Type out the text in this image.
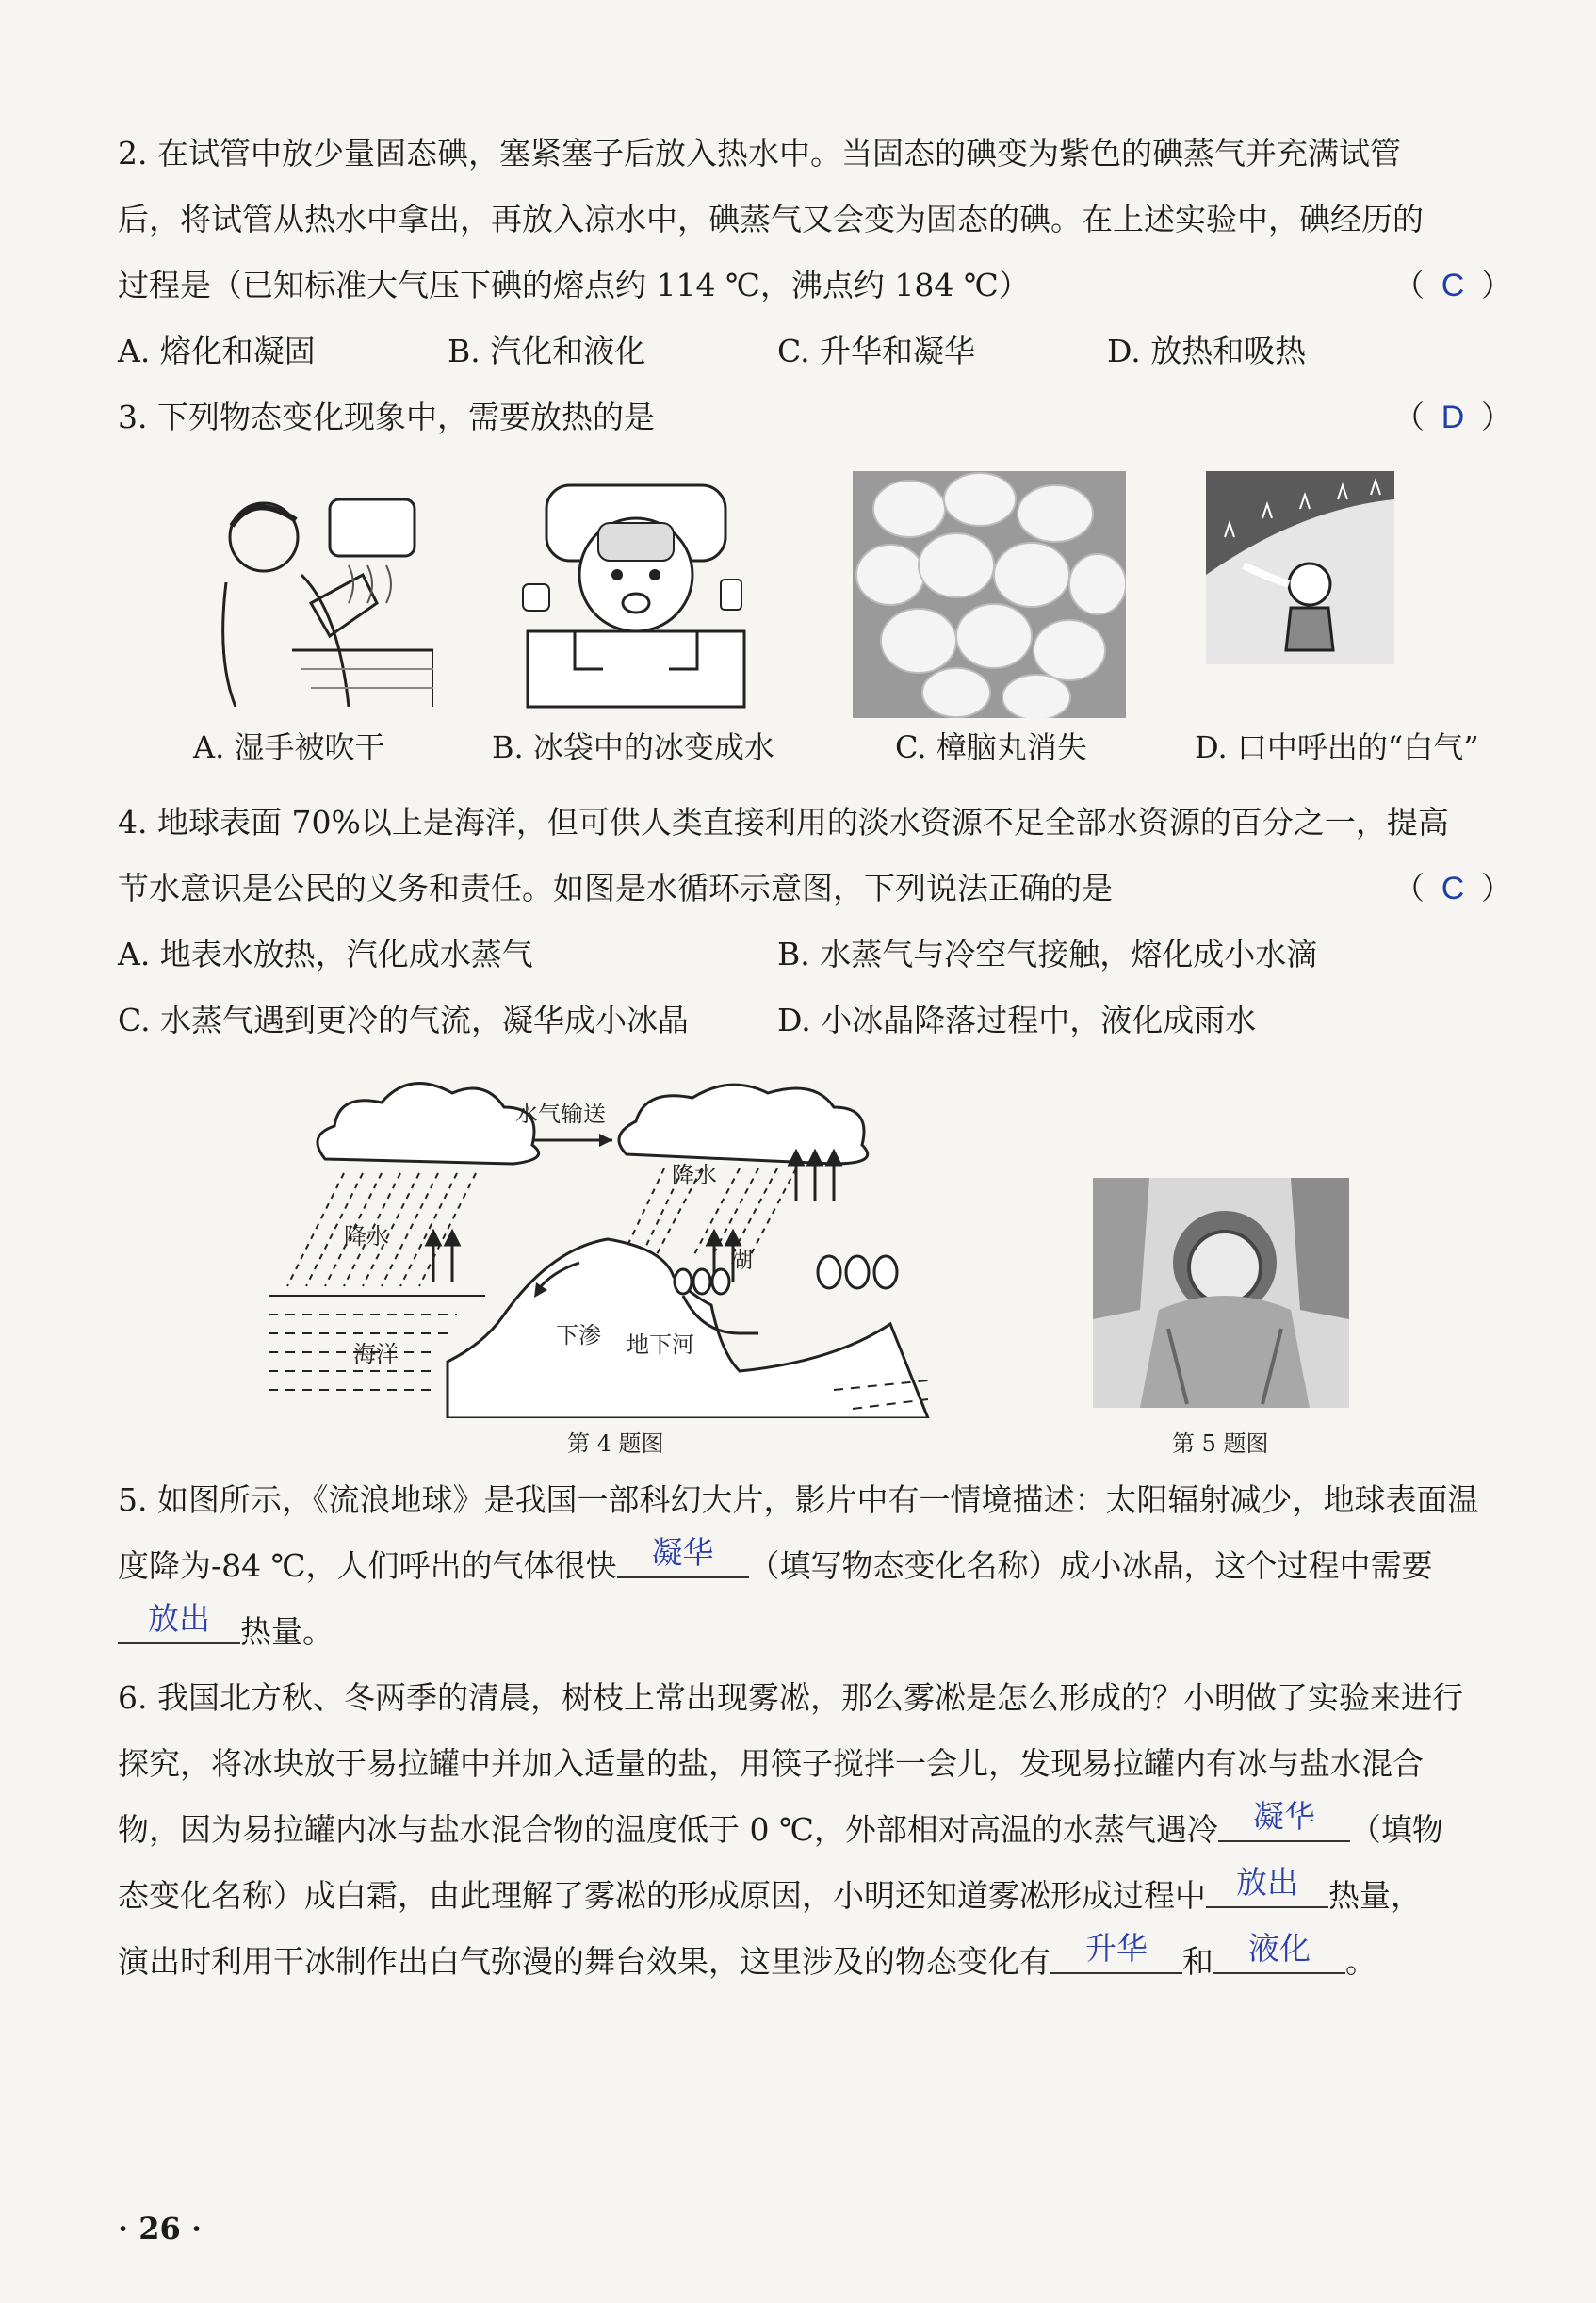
2. 在试管中放少量固态碘，塞紧塞子后放入热水中。当固态的碘变为紫色的碘蒸气并充满试管
后，将试管从热水中拿出，再放入凉水中，碘蒸气又会变为固态的碘。在上述实验中，碘经历的
过程是（已知标准大气压下碘的熔点约 114 ℃，沸点约 184 ℃）	（ C ）
A. 熔化和凝固	B. 汽化和液化	C. 升华和凝华	D. 放热和吸热
3. 下列物态变化现象中，需要放热的是	（ D ）
A. 湿手被吹干	B. 冰袋中的冰变成水	C. 樟脑丸消失	D. 口中呼出的“白气”
4. 地球表面 70%以上是海洋，但可供人类直接利用的淡水资源不足全部水资源的百分之一，提高
节水意识是公民的义务和责任。如图是水循环示意图，下列说法正确的是	（ C ）
A. 地表水放热，汽化成水蒸气	B. 水蒸气与冷空气接触，熔化成小水滴
C. 水蒸气遇到更冷的气流，凝华成小冰晶	D. 小冰晶降落过程中，液化成雨水
水气输送
降水
降水
海洋
湖
下渗 地下河
第 4 题图	第 5 题图
5. 如图所示，《流浪地球》是我国一部科幻大片，影片中有一情境描述：太阳辐射减少，地球表面温
度降为-84 ℃，人们呼出的气体很快 凝华 （填写物态变化名称）成小冰晶，这个过程中需要
放出 热量。
6. 我国北方秋、冬两季的清晨，树枝上常出现雾凇，那么雾凇是怎么形成的？小明做了实验来进行
探究，将冰块放于易拉罐中并加入适量的盐，用筷子搅拌一会儿，发现易拉罐内有冰与盐水混合
物，因为易拉罐内冰与盐水混合物的温度低于 0 ℃，外部相对高温的水蒸气遇冷 凝华 （填物
态变化名称）成白霜，由此理解了雾凇的形成原因，小明还知道雾凇形成过程中 放出 热量，
演出时利用干冰制作出白气弥漫的舞台效果，这里涉及的物态变化有 升华 和 液化 。
· 26 ·
